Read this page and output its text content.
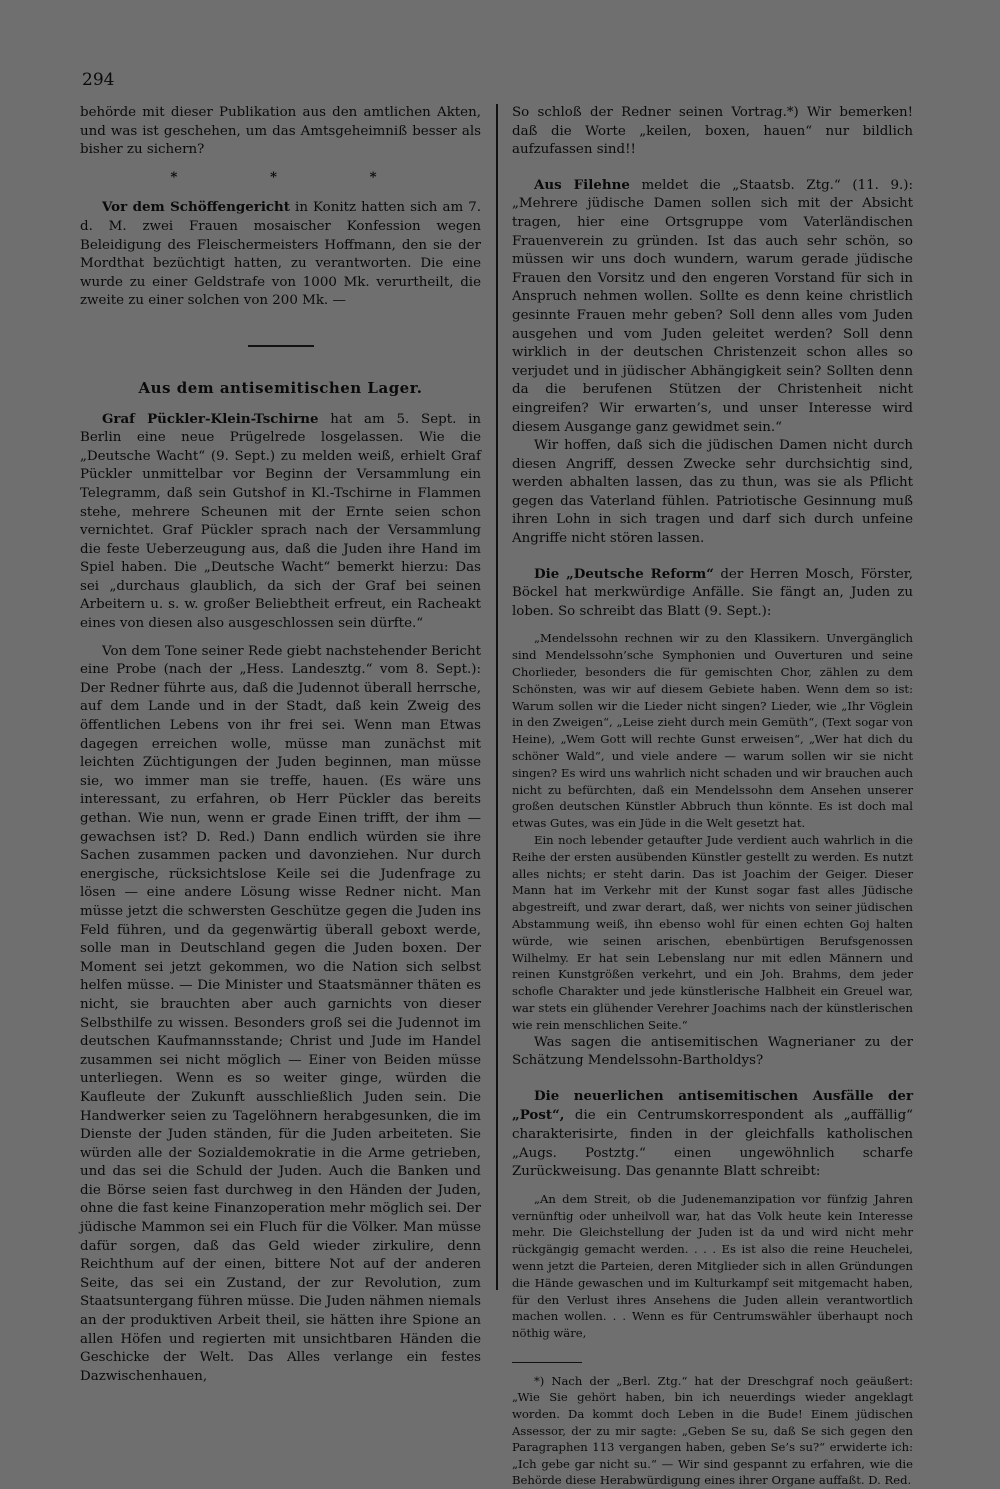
294

behörde mit dieser Publikation aus den amtlichen Akten, und was ist geschehen, um das Amtsgeheimniß besser als bisher zu sichern?

* * *

Vor dem Schöffengericht in Konitz hatten sich am 7. d. M. zwei Frauen mosaischer Konfession wegen Beleidigung des Fleischermeisters Hoffmann, den sie der Mordthat bezüchtigt hatten, zu verantworten. Die eine wurde zu einer Geldstrafe von 1000 Mk. verurtheilt, die zweite zu einer solchen von 200 Mk. —

Aus dem antisemitischen Lager.

Graf Pückler-Klein-Tschirne hat am 5. Sept. in Berlin eine neue Prügelrede losgelassen. Wie die „Deutsche Wacht“ (9. Sept.) zu melden weiß, erhielt Graf Pückler unmittelbar vor Beginn der Versammlung ein Telegramm, daß sein Gutshof in Kl.-Tschirne in Flammen stehe, mehrere Scheunen mit der Ernte seien schon vernichtet. Graf Pückler sprach nach der Versammlung die feste Ueberzeugung aus, daß die Juden ihre Hand im Spiel haben. Die „Deutsche Wacht“ bemerkt hierzu: Das sei „durchaus glaublich, da sich der Graf bei seinen Arbeitern u. s. w. großer Beliebtheit erfreut, ein Racheakt eines von diesen also ausgeschlossen sein dürfte.“

Von dem Tone seiner Rede giebt nachstehender Bericht eine Probe (nach der „Hess. Landesztg.“ vom 8. Sept.): Der Redner führte aus, daß die Judennot überall herrsche, auf dem Lande und in der Stadt, daß kein Zweig des öffentlichen Lebens von ihr frei sei. Wenn man Etwas dagegen erreichen wolle, müsse man zunächst mit leichten Züchtigungen der Juden beginnen, man müsse sie, wo immer man sie treffe, hauen. (Es wäre uns interessant, zu erfahren, ob Herr Pückler das bereits gethan. Wie nun, wenn er grade Einen trifft, der ihm — gewachsen ist? D. Red.) Dann endlich würden sie ihre Sachen zusammen packen und davonziehen. Nur durch energische, rücksichtslose Keile sei die Judenfrage zu lösen — eine andere Lösung wisse Redner nicht. Man müsse jetzt die schwersten Geschütze gegen die Juden ins Feld führen, und da gegenwärtig überall geboxt werde, solle man in Deutschland gegen die Juden boxen. Der Moment sei jetzt gekommen, wo die Nation sich selbst helfen müsse. — Die Minister und Staatsmänner thäten es nicht, sie brauchten aber auch garnichts von dieser Selbsthilfe zu wissen. Besonders groß sei die Judennot im deutschen Kaufmannsstande; Christ und Jude im Handel zusammen sei nicht möglich — Einer von Beiden müsse unterliegen. Wenn es so weiter ginge, würden die Kaufleute der Zukunft ausschließlich Juden sein. Die Handwerker seien zu Tagelöhnern herabgesunken, die im Dienste der Juden ständen, für die Juden arbeiteten. Sie würden alle der Sozialdemokratie in die Arme getrieben, und das sei die Schuld der Juden. Auch die Banken und die Börse seien fast durchweg in den Händen der Juden, ohne die fast keine Finanzoperation mehr möglich sei. Der jüdische Mammon sei ein Fluch für die Völker. Man müsse dafür sorgen, daß das Geld wieder zirkulire, denn Reichthum auf der einen, bittere Not auf der anderen Seite, das sei ein Zustand, der zur Revolution, zum Staatsuntergang führen müsse. Die Juden nähmen niemals an der produktiven Arbeit theil, sie hätten ihre Spione an allen Höfen und regierten mit unsichtbaren Händen die Geschicke der Welt. Das Alles verlange ein festes Dazwischenhauen,

So schloß der Redner seinen Vortrag.*) Wir bemerken! daß die Worte „keilen, boxen, hauen“ nur bildlich aufzufassen sind!!

Aus Filehne meldet die „Staatsb. Ztg.“ (11. 9.): „Mehrere jüdische Damen sollen sich mit der Absicht tragen, hier eine Ortsgruppe vom Vaterländischen Frauenverein zu gründen. Ist das auch sehr schön, so müssen wir uns doch wundern, warum gerade jüdische Frauen den Vorsitz und den engeren Vorstand für sich in Anspruch nehmen wollen. Sollte es denn keine christlich gesinnte Frauen mehr geben? Soll denn alles vom Juden ausgehen und vom Juden geleitet werden? Soll denn wirklich in der deutschen Christenzeit schon alles so verjudet und in jüdischer Abhängigkeit sein? Sollten denn da die berufenen Stützen der Christenheit nicht eingreifen? Wir erwarten’s, und unser Interesse wird diesem Ausgange ganz gewidmet sein.“

Wir hoffen, daß sich die jüdischen Damen nicht durch diesen Angriff, dessen Zwecke sehr durchsichtig sind, werden abhalten lassen, das zu thun, was sie als Pflicht gegen das Vaterland fühlen. Patriotische Gesinnung muß ihren Lohn in sich tragen und darf sich durch unfeine Angriffe nicht stören lassen.

Die „Deutsche Reform“ der Herren Mosch, Förster, Böckel hat merkwürdige Anfälle. Sie fängt an, Juden zu loben. So schreibt das Blatt (9. Sept.):

„Mendelssohn rechnen wir zu den Klassikern. Unvergänglich sind Mendelssohn’sche Symphonien und Ouverturen und seine Chorlieder, besonders die für gemischten Chor, zählen zu dem Schönsten, was wir auf diesem Gebiete haben. Wenn dem so ist: Warum sollen wir die Lieder nicht singen? Lieder, wie „Ihr Vöglein in den Zweigen“, „Leise zieht durch mein Gemüth“, (Text sogar von Heine), „Wem Gott will rechte Gunst erweisen“, „Wer hat dich du schöner Wald“, und viele andere — warum sollen wir sie nicht singen? Es wird uns wahrlich nicht schaden und wir brauchen auch nicht zu befürchten, daß ein Mendelssohn dem Ansehen unserer großen deutschen Künstler Abbruch thun könnte. Es ist doch mal etwas Gutes, was ein Jüde in die Welt gesetzt hat.

Ein noch lebender getaufter Jude verdient auch wahrlich in die Reihe der ersten ausübenden Künstler gestellt zu werden. Es nutzt alles nichts; er steht darin. Das ist Joachim der Geiger. Dieser Mann hat im Verkehr mit der Kunst sogar fast alles Jüdische abgestreift, und zwar derart, daß, wer nichts von seiner jüdischen Abstammung weiß, ihn ebenso wohl für einen echten Goj halten würde, wie seinen arischen, ebenbürtigen Berufsgenossen Wilhelmy. Er hat sein Lebenslang nur mit edlen Männern und reinen Kunstgrößen verkehrt, und ein Joh. Brahms, dem jeder schofle Charakter und jede künstlerische Halbheit ein Greuel war, war stets ein glühender Verehrer Joachims nach der künstlerischen wie rein menschlichen Seite.“

Was sagen die antisemitischen Wagnerianer zu der Schätzung Mendelssohn-Bartholdys?

Die neuerlichen antisemitischen Ausfälle der „Post“, die ein Centrumskorrespondent als „auffällig“ charakterisirte, finden in der gleichfalls katholischen „Augs. Postztg.“ einen ungewöhnlich scharfe Zurückweisung. Das genannte Blatt schreibt:

„An dem Streit, ob die Judenemanzipation vor fünfzig Jahren vernünftig oder unheilvoll war, hat das Volk heute kein Interesse mehr. Die Gleichstellung der Juden ist da und wird nicht mehr rückgängig gemacht werden. . . . Es ist also die reine Heuchelei, wenn jetzt die Parteien, deren Mitglieder sich in allen Gründungen die Hände gewaschen und im Kulturkampf seit mitgemacht haben, für den Verlust ihres Ansehens die Juden allein verantwortlich machen wollen. . . Wenn es für Centrumswähler überhaupt noch nöthig wäre,

*) Nach der „Berl. Ztg.“ hat der Dreschgraf noch geäußert: „Wie Sie gehört haben, bin ich neuerdings wieder angeklagt worden. Da kommt doch Leben in die Bude! Einem jüdischen Assessor, der zu mir sagte: „Geben Se su, daß Se sich gegen den Paragraphen 113 vergangen haben, geben Se’s su?“ erwiderte ich: „Ich gebe gar nicht su.“ — Wir sind gespannt zu erfahren, wie die Behörde diese Herabwürdigung eines ihrer Organe auffaßt. D. Red.
